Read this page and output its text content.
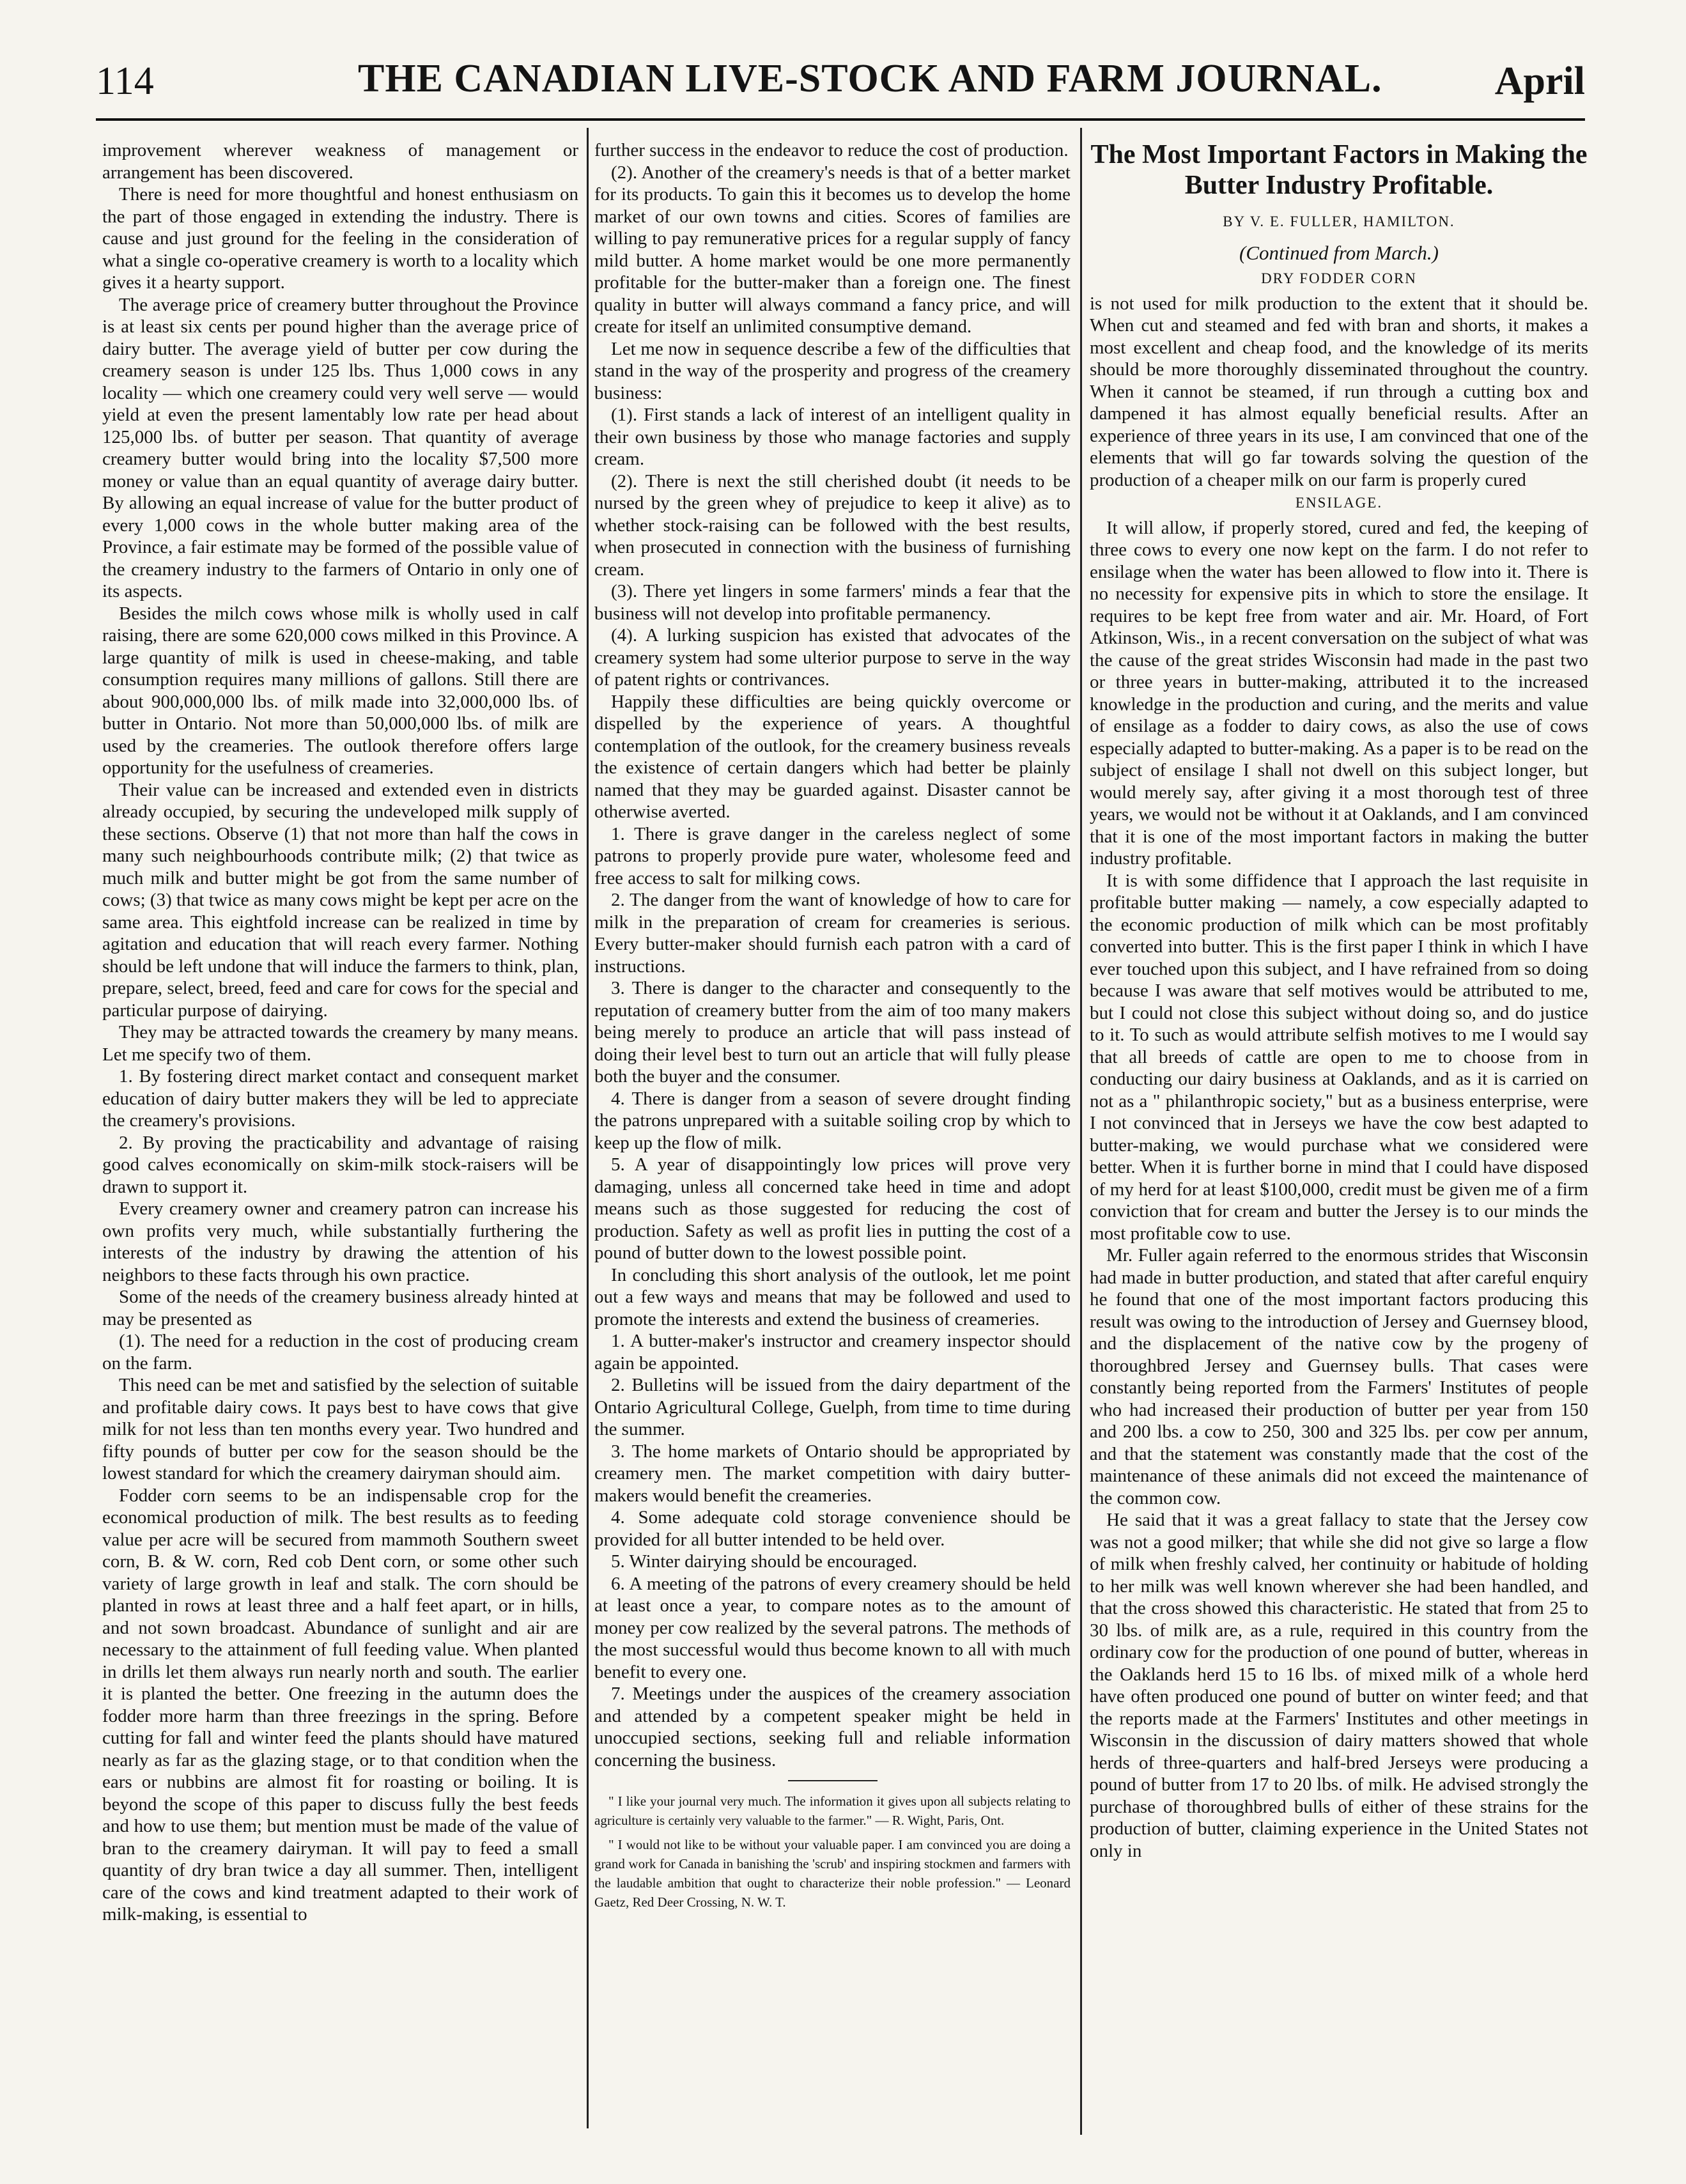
114	THE CANADIAN LIVE-STOCK AND FARM JOURNAL.	April

improvement wherever weakness of management or arrangement has been discovered.

There is need for more thoughtful and honest enthusiasm on the part of those engaged in extending the industry. There is cause and just ground for the feeling in the consideration of what a single co-operative creamery is worth to a locality which gives it a hearty support.

The average price of creamery butter throughout the Province is at least six cents per pound higher than the average price of dairy butter. The average yield of butter per cow during the creamery season is under 125 lbs. Thus 1,000 cows in any locality — which one creamery could very well serve — would yield at even the present lamentably low rate per head about 125,000 lbs. of butter per season. That quantity of average creamery butter would bring into the locality $7,500 more money or value than an equal quantity of average dairy butter. By allowing an equal increase of value for the butter product of every 1,000 cows in the whole butter making area of the Province, a fair estimate may be formed of the possible value of the creamery industry to the farmers of Ontario in only one of its aspects.

Besides the milch cows whose milk is wholly used in calf raising, there are some 620,000 cows milked in this Province. A large quantity of milk is used in cheese-making, and table consumption requires many millions of gallons. Still there are about 900,000,000 lbs. of milk made into 32,000,000 lbs. of butter in Ontario. Not more than 50,000,000 lbs. of milk are used by the creameries. The outlook therefore offers large opportunity for the usefulness of creameries.

Their value can be increased and extended even in districts already occupied, by securing the undeveloped milk supply of these sections. Observe (1) that not more than half the cows in many such neighbourhoods contribute milk; (2) that twice as much milk and butter might be got from the same number of cows; (3) that twice as many cows might be kept per acre on the same area. This eightfold increase can be realized in time by agitation and education that will reach every farmer. Nothing should be left undone that will induce the farmers to think, plan, prepare, select, breed, feed and care for cows for the special and particular purpose of dairying.

They may be attracted towards the creamery by many means. Let me specify two of them.

1. By fostering direct market contact and consequent market education of dairy butter makers they will be led to appreciate the creamery's provisions.

2. By proving the practicability and advantage of raising good calves economically on skim-milk stock-raisers will be drawn to support it.

Every creamery owner and creamery patron can increase his own profits very much, while substantially furthering the interests of the industry by drawing the attention of his neighbors to these facts through his own practice.

Some of the needs of the creamery business already hinted at may be presented as

(1). The need for a reduction in the cost of producing cream on the farm.

This need can be met and satisfied by the selection of suitable and profitable dairy cows. It pays best to have cows that give milk for not less than ten months every year. Two hundred and fifty pounds of butter per cow for the season should be the lowest standard for which the creamery dairyman should aim.

Fodder corn seems to be an indispensable crop for the economical production of milk. The best results as to feeding value per acre will be secured from mammoth Southern sweet corn, B. & W. corn, Red cob Dent corn, or some other such variety of large growth in leaf and stalk. The corn should be planted in rows at least three and a half feet apart, or in hills, and not sown broadcast. Abundance of sunlight and air are necessary to the attainment of full feeding value. When planted in drills let them always run nearly north and south. The earlier it is planted the better. One freezing in the autumn does the fodder more harm than three freezings in the spring. Before cutting for fall and winter feed the plants should have matured nearly as far as the glazing stage, or to that condition when the ears or nubbins are almost fit for roasting or boiling. It is beyond the scope of this paper to discuss fully the best feeds and how to use them; but mention must be made of the value of bran to the creamery dairyman. It will pay to feed a small quantity of dry bran twice a day all summer. Then, intelligent care of the cows and kind treatment adapted to their work of milk-making, is essential to

further success in the endeavor to reduce the cost of production.

(2). Another of the creamery's needs is that of a better market for its products. To gain this it becomes us to develop the home market of our own towns and cities. Scores of families are willing to pay remunerative prices for a regular supply of fancy mild butter. A home market would be one more permanently profitable for the butter-maker than a foreign one. The finest quality in butter will always command a fancy price, and will create for itself an unlimited consumptive demand.

Let me now in sequence describe a few of the difficulties that stand in the way of the prosperity and progress of the creamery business:

(1). First stands a lack of interest of an intelligent quality in their own business by those who manage factories and supply cream.

(2). There is next the still cherished doubt (it needs to be nursed by the green whey of prejudice to keep it alive) as to whether stock-raising can be followed with the best results, when prosecuted in connection with the business of furnishing cream.

(3). There yet lingers in some farmers' minds a fear that the business will not develop into profitable permanency.

(4). A lurking suspicion has existed that advocates of the creamery system had some ulterior purpose to serve in the way of patent rights or contrivances.

Happily these difficulties are being quickly overcome or dispelled by the experience of years. A thoughtful contemplation of the outlook, for the creamery business reveals the existence of certain dangers which had better be plainly named that they may be guarded against. Disaster cannot be otherwise averted.

1. There is grave danger in the careless neglect of some patrons to properly provide pure water, wholesome feed and free access to salt for milking cows.

2. The danger from the want of knowledge of how to care for milk in the preparation of cream for creameries is serious. Every butter-maker should furnish each patron with a card of instructions.

3. There is danger to the character and consequently to the reputation of creamery butter from the aim of too many makers being merely to produce an article that will pass instead of doing their level best to turn out an article that will fully please both the buyer and the consumer.

4. There is danger from a season of severe drought finding the patrons unprepared with a suitable soiling crop by which to keep up the flow of milk.

5. A year of disappointingly low prices will prove very damaging, unless all concerned take heed in time and adopt means such as those suggested for reducing the cost of production. Safety as well as profit lies in putting the cost of a pound of butter down to the lowest possible point.

In concluding this short analysis of the outlook, let me point out a few ways and means that may be followed and used to promote the interests and extend the business of creameries.

1. A butter-maker's instructor and creamery inspector should again be appointed.

2. Bulletins will be issued from the dairy department of the Ontario Agricultural College, Guelph, from time to time during the summer.

3. The home markets of Ontario should be appropriated by creamery men. The market competition with dairy butter-makers would benefit the creameries.

4. Some adequate cold storage convenience should be provided for all butter intended to be held over.

5. Winter dairying should be encouraged.

6. A meeting of the patrons of every creamery should be held at least once a year, to compare notes as to the amount of money per cow realized by the several patrons. The methods of the most successful would thus become known to all with much benefit to every one.

7. Meetings under the auspices of the creamery association and attended by a competent speaker might be held in unoccupied sections, seeking full and reliable information concerning the business.

" I like your journal very much. The information it gives upon all subjects relating to agriculture is certainly very valuable to the farmer." — R. Wight, Paris, Ont.

" I would not like to be without your valuable paper. I am convinced you are doing a grand work for Canada in banishing the 'scrub' and inspiring stockmen and farmers with the laudable ambition that ought to characterize their noble profession." — Leonard Gaetz, Red Deer Crossing, N. W. T.

The Most Important Factors in Making the Butter Industry Profitable.
BY V. E. FULLER, HAMILTON.
(Continued from March.)
DRY FODDER CORN

is not used for milk production to the extent that it should be. When cut and steamed and fed with bran and shorts, it makes a most excellent and cheap food, and the knowledge of its merits should be more thoroughly disseminated throughout the country. When it cannot be steamed, if run through a cutting box and dampened it has almost equally beneficial results. After an experience of three years in its use, I am convinced that one of the elements that will go far towards solving the question of the production of a cheaper milk on our farm is properly cured

ENSILAGE.

It will allow, if properly stored, cured and fed, the keeping of three cows to every one now kept on the farm. I do not refer to ensilage when the water has been allowed to flow into it. There is no necessity for expensive pits in which to store the ensilage. It requires to be kept free from water and air. Mr. Hoard, of Fort Atkinson, Wis., in a recent conversation on the subject of what was the cause of the great strides Wisconsin had made in the past two or three years in butter-making, attributed it to the increased knowledge in the production and curing, and the merits and value of ensilage as a fodder to dairy cows, as also the use of cows especially adapted to butter-making. As a paper is to be read on the subject of ensilage I shall not dwell on this subject longer, but would merely say, after giving it a most thorough test of three years, we would not be without it at Oaklands, and I am convinced that it is one of the most important factors in making the butter industry profitable.

It is with some diffidence that I approach the last requisite in profitable butter making — namely, a cow especially adapted to the economic production of milk which can be most profitably converted into butter. This is the first paper I think in which I have ever touched upon this subject, and I have refrained from so doing because I was aware that self motives would be attributed to me, but I could not close this subject without doing so, and do justice to it. To such as would attribute selfish motives to me I would say that all breeds of cattle are open to me to choose from in conducting our dairy business at Oaklands, and as it is carried on not as a " philanthropic society," but as a business enterprise, were I not convinced that in Jerseys we have the cow best adapted to butter-making, we would purchase what we considered were better. When it is further borne in mind that I could have disposed of my herd for at least $100,000, credit must be given me of a firm conviction that for cream and butter the Jersey is to our minds the most profitable cow to use.

Mr. Fuller again referred to the enormous strides that Wisconsin had made in butter production, and stated that after careful enquiry he found that one of the most important factors producing this result was owing to the introduction of Jersey and Guernsey blood, and the displacement of the native cow by the progeny of thoroughbred Jersey and Guernsey bulls. That cases were constantly being reported from the Farmers' Institutes of people who had increased their production of butter per year from 150 and 200 lbs. a cow to 250, 300 and 325 lbs. per cow per annum, and that the statement was constantly made that the cost of the maintenance of these animals did not exceed the maintenance of the common cow.

He said that it was a great fallacy to state that the Jersey cow was not a good milker; that while she did not give so large a flow of milk when freshly calved, her continuity or habitude of holding to her milk was well known wherever she had been handled, and that the cross showed this characteristic. He stated that from 25 to 30 lbs. of milk are, as a rule, required in this country from the ordinary cow for the production of one pound of butter, whereas in the Oaklands herd 15 to 16 lbs. of mixed milk of a whole herd have often produced one pound of butter on winter feed; and that the reports made at the Farmers' Institutes and other meetings in Wisconsin in the discussion of dairy matters showed that whole herds of three-quarters and half-bred Jerseys were producing a pound of butter from 17 to 20 lbs. of milk. He advised strongly the purchase of thoroughbred bulls of either of these strains for the production of butter, claiming experience in the United States not only in
